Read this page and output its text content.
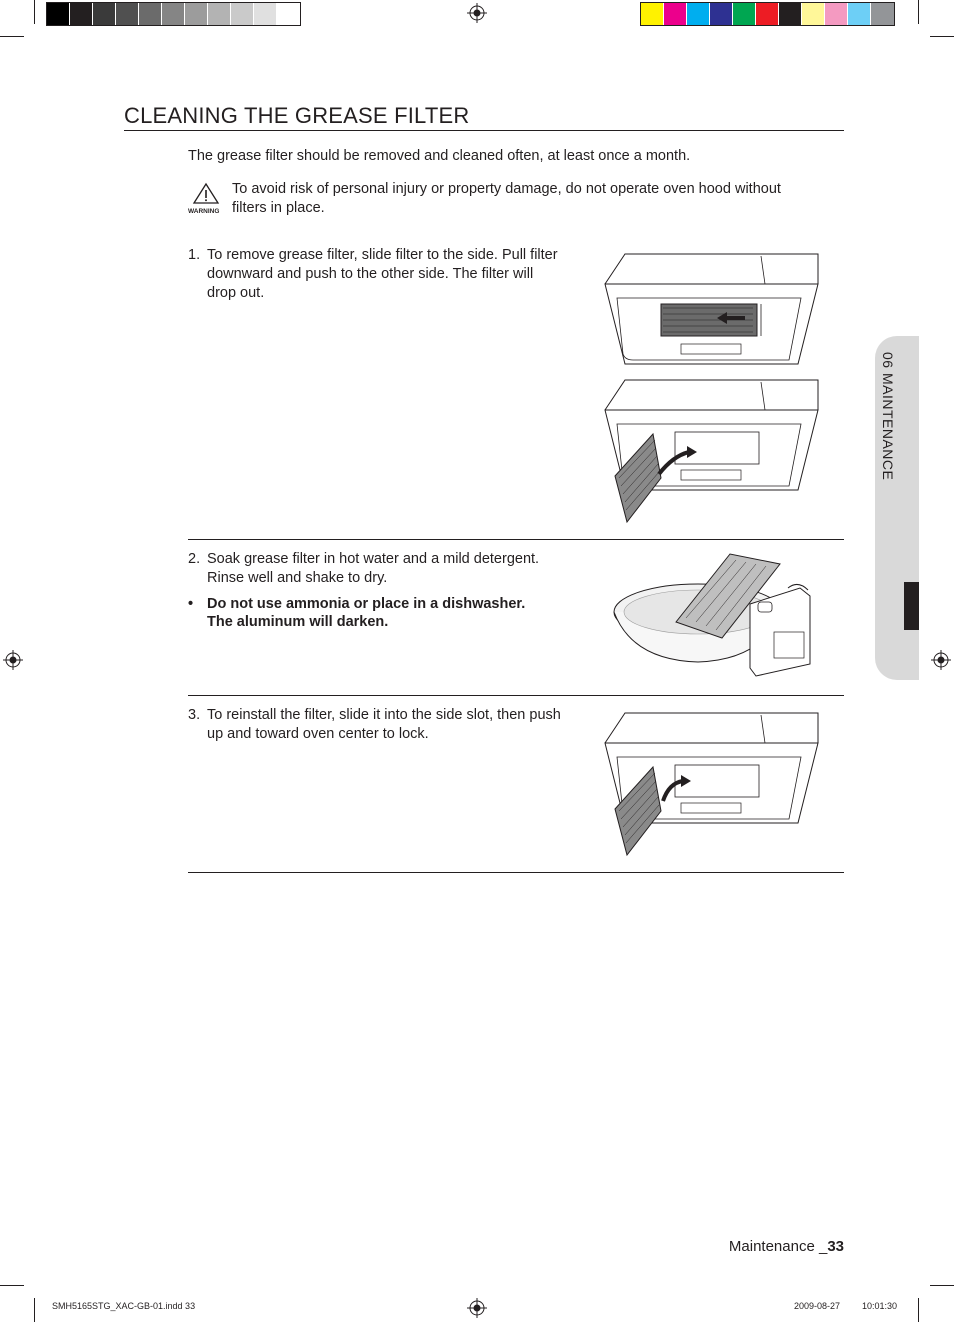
CLEANING THE GREASE FILTER

The grease filter should be removed and cleaned often, at least once a month.

WARNING

To avoid risk of personal injury or property damage, do not operate oven hood without

filters in place.

1. To remove grease filter, slide filter to the side. Pull filter

downward and push to the other side. The filter will

drop out.

2. Soak grease filter in hot water and a mild detergent.

Rinse well and shake to dry.

• Do not use ammonia or place in a dishwasher.

The aluminum will darken.

3. To reinstall the filter, slide it into the side slot, then push

up and toward oven center to lock.

06 MAINTENANCE
Maintenance _33
SMH5165STG_XAC-GB-01.indd 33	2009-08-27 10:01:30
